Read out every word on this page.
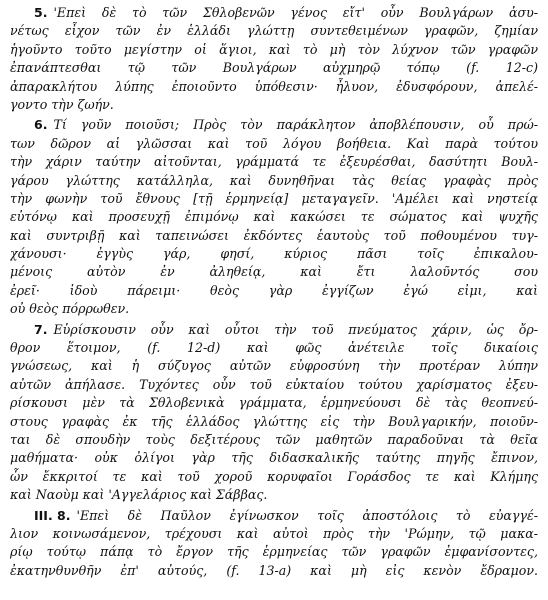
5. 'Επεὶ δὲ τὸ τῶν Σθλοβενῶν γένος εἴτ' οὖν Βουλγάρων ἀσυ-
νέτως εἶχον τῶν ἐν ἑλλάδι γλώττῃ συντεθειμένων γραφῶν, ζημίαν
ἡγοῦντο τοῦτο μεγίστην οἱ ἅγιοι, καὶ τὸ μὴ τὸν λύχνον τῶν γραφῶν
ἐπανάπτεσθαι τῷ τῶν Βουλγάρων αὐχμηρῷ τόπῳ (f. 12-c)
ἀπαρακλήτου λύπης ἐποιοῦντο ὑπόθεσιν· ἦλυον, ἐδυσφόρουν, ἀπελέ-
γοντο τὴν ζωήν.
6. Τί γοῦν ποιοῦσι; Πρὸς τὸν παράκλητον ἀποβλέπουσιν, οὗ πρώ-
των δῶρον αἱ γλῶσσαι καὶ τοῦ λόγου βοήθεια. Καὶ παρὰ τούτου
τὴν χάριν ταύτην αἰτοῦνται, γράμματά τε ἐξευρέσθαι, δασύτητι Βουλ-
γάρου γλώττης κατάλληλα, καὶ δυνηθῆναι τὰς θείας γραφὰς πρὸς
τὴν φωνὴν τοῦ ἔθνους [τῇ ἑρμηνείᾳ] μεταγαγεῖν. 'Αμέλει καὶ νηστείᾳ
εὐτόνῳ καὶ προσευχῇ ἐπιμόνῳ καὶ κακώσει τε σώματος καὶ ψυχῆς
καὶ συντριβῇ καὶ ταπεινώσει ἐκδόντες ἑαυτοὺς τοῦ ποθουμένου τυγ-
χάνουσι· ἐγγὺς γάρ, φησί, κύριος πᾶσι τοῖς ἐπικαλου-
μένοις αὐτὸν ἐν ἀληθείᾳ, καὶ ἔτι λαλοῦντός σου
ἐρεῖ· ἰδοὺ πάρειμι· θεὸς γὰρ ἐγγίζων ἐγώ εἰμι, καὶ
οὐ θεὸς πόρρωθεν.
7. Εὑρίσκουσιν οὖν καὶ οὗτοι τὴν τοῦ πνεύματος χάριν, ὡς ὄρ-
θρον ἕτοιμον, (f. 12-d) καὶ φῶς ἀνέτειλε τοῖς δικαίοις
γνώσεως, καὶ ἡ σύζυγος αὐτῶν εὐφροσύνη τὴν προτέραν λύπην
αὐτῶν ἀπήλασε. Τυχόντες οὖν τοῦ εὐκταίου τούτου χαρίσματος ἐξευ-
ρίσκουσι μὲν τὰ Σθλοβενικὰ γράμματα, ἑρμηνεύουσι δὲ τὰς θεοπνεύ-
στους γραφὰς ἐκ τῆς ἑλλάδος γλώττης εἰς τὴν Βουλγαρικήν, ποιοῦν-
ται δὲ σπουδὴν τοὺς δεξιτέρους τῶν μαθητῶν παραδοῦναι τὰ θεῖα
μαθήματα· οὐκ ὀλίγοι γὰρ τῆς διδασκαλικῆς ταύτης πηγῆς ἔπινον,
ὧν ἔκκριτοί τε καὶ τοῦ χοροῦ κορυφαῖοι Γοράσδος τε καὶ Κλήμης
καὶ Ναοὺμ καὶ 'Αγγελάριος καὶ Σάββας.
III. 8. 'Επεὶ δὲ Παῦλον ἐγίνωσκον τοῖς ἀποστόλοις τὸ εὐαγγέ-
λιον κοινωσάμενον, τρέχουσι καὶ αὐτοὶ πρὸς τὴν 'Ρώμην, τῷ μακα-
ρίῳ τούτῳ πάπᾳ τὸ ἔργον τῆς ἑρμηνείας τῶν γραφῶν ἐμφανίσοντες,
ἐκατηνθυνθῆν ἐπ' αὐτούς, (f. 13-a) καὶ μὴ εἰς κενὸν ἔδραμον.
